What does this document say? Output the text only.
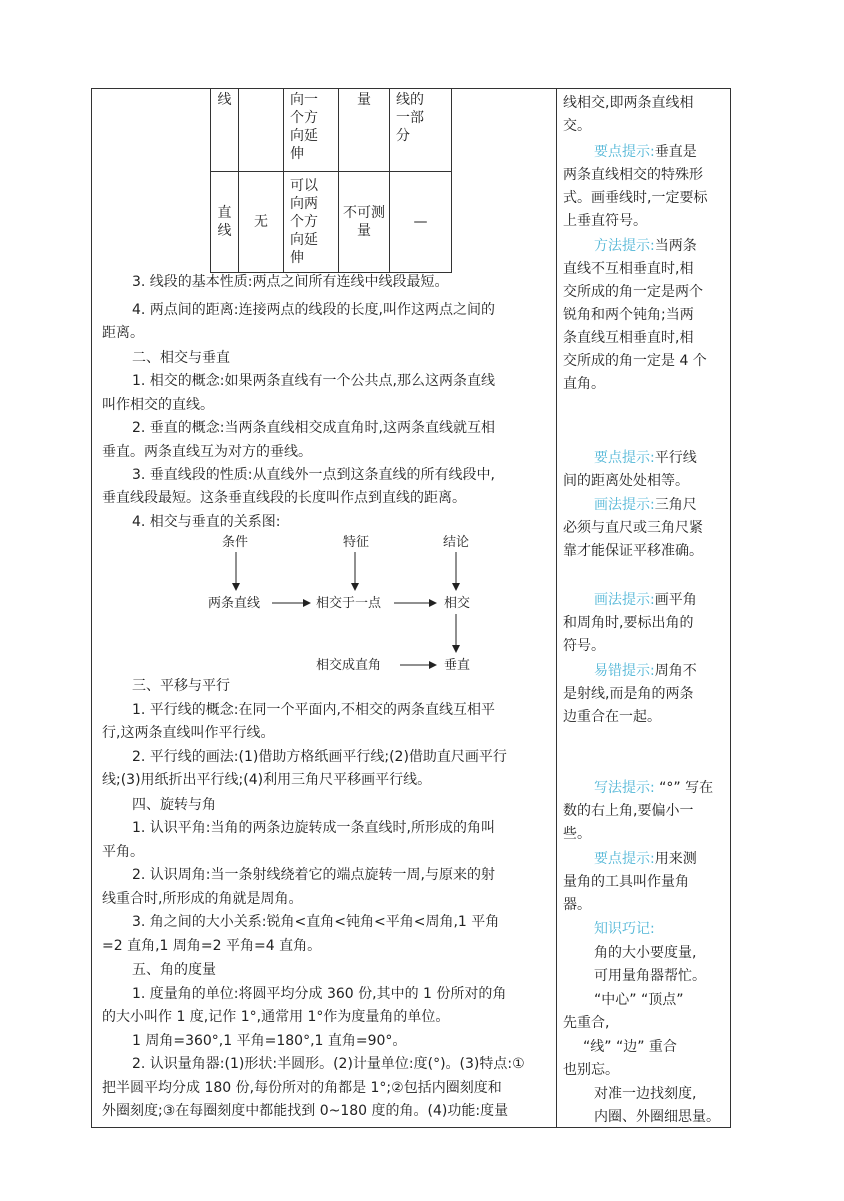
线		向一个方向延伸	量	线的一部分

直线	无	可以向两个方向延伸	不可测量	—
3. 线段的基本性质:两点之间所有连线中线段最短。
4. 两点间的距离:连接两点的线段的长度,叫作这两点之间的
距离。
二、相交与垂直
1. 相交的概念:如果两条直线有一个公共点,那么这两条直线
叫作相交的直线。
2. 垂直的概念:当两条直线相交成直角时,这两条直线就互相
垂直。两条直线互为对方的垂线。
3. 垂直线段的性质:从直线外一点到这条直线的所有线段中,
垂直线段最短。这条垂直线段的长度叫作点到直线的距离。
4. 相交与垂直的关系图:
条件	特征	结论
两条直线	相交于一点	相交
相交成直角	垂直
三、平移与平行
1. 平行线的概念:在同一个平面内,不相交的两条直线互相平
行,这两条直线叫作平行线。
2. 平行线的画法:(1)借助方格纸画平行线;(2)借助直尺画平行
线;(3)用纸折出平行线;(4)利用三角尺平移画平行线。
四、旋转与角
1. 认识平角:当角的两条边旋转成一条直线时,所形成的角叫
平角。
2. 认识周角:当一条射线绕着它的端点旋转一周,与原来的射
线重合时,所形成的角就是周角。
3. 角之间的大小关系:锐角<直角<钝角<平角<周角,1 平角
=2 直角,1 周角=2 平角=4 直角。
五、角的度量
1. 度量角的单位:将圆平均分成 360 份,其中的 1 份所对的角
的大小叫作 1 度,记作 1°,通常用 1°作为度量角的单位。
1 周角=360°,1 平角=180°,1 直角=90°。
2. 认识量角器:(1)形状:半圆形。(2)计量单位:度(°)。(3)特点:①
把半圆平均分成 180 份,每份所对的角都是 1°;②包括内圈刻度和
外圈刻度;③在每圈刻度中都能找到 0~180 度的角。(4)功能:度量
线相交,即两条直线相
交。
要点提示:垂直是
两条直线相交的特殊形
式。画垂线时,一定要标
上垂直符号。
方法提示:当两条
直线不互相垂直时,相
交所成的角一定是两个
锐角和两个钝角;当两
条直线互相垂直时,相
交所成的角一定是 4 个
直角。
要点提示:平行线
间的距离处处相等。
画法提示:三角尺
必须与直尺或三角尺紧
靠才能保证平移准确。
画法提示:画平角
和周角时,要标出角的
符号。
易错提示:周角不
是射线,而是角的两条
边重合在一起。
写法提示: “°” 写在
数的右上角,要偏小一
些。
要点提示:用来测
量角的工具叫作量角
器。
知识巧记:
角的大小要度量,
可用量角器帮忙。
“中心” “顶点”
先重合,
“线” “边” 重合
也别忘。
对准一边找刻度,
内圈、外圈细思量。
